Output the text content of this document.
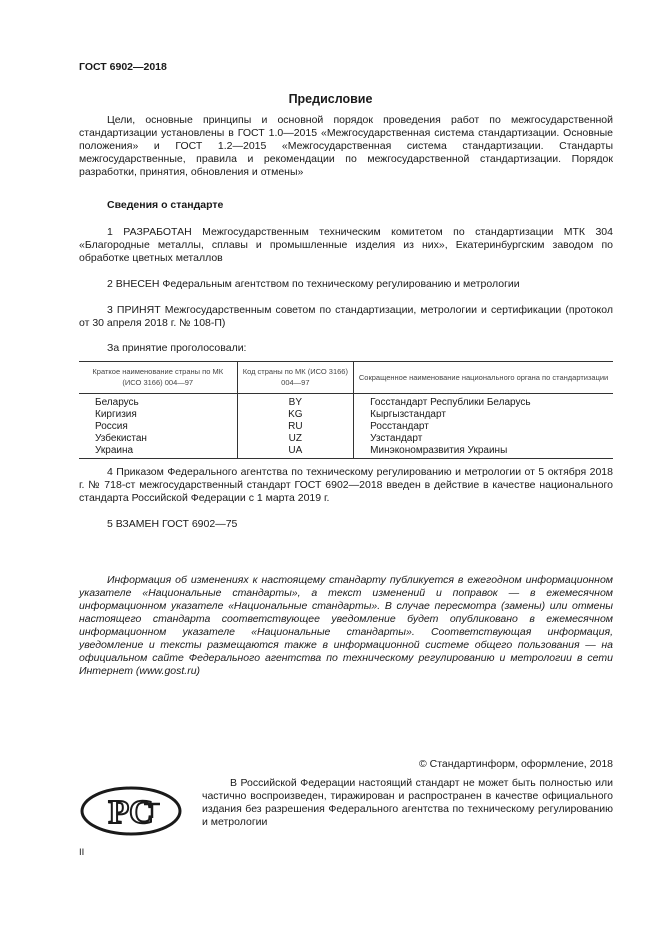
ГОСТ 6902—2018
Предисловие
Цели, основные принципы и основной порядок проведения работ по межгосударственной стандартизации установлены в ГОСТ 1.0—2015 «Межгосударственная система стандартизации. Основные положения» и ГОСТ 1.2—2015 «Межгосударственная система стандартизации. Стандарты межгосударственные, правила и рекомендации по межгосударственной стандартизации. Порядок разработки, принятия, обновления и отмены»
Сведения о стандарте
1 РАЗРАБОТАН Межгосударственным техническим комитетом по стандартизации МТК 304 «Благородные металлы, сплавы и промышленные изделия из них», Екатеринбургским заводом по обработке цветных металлов
2 ВНЕСЕН Федеральным агентством по техническому регулированию и метрологии
3 ПРИНЯТ Межгосударственным советом по стандартизации, метрологии и сертификации (протокол от 30 апреля 2018 г. № 108-П)
За принятие проголосовали:
Краткое наименование страны по МК (ИСО 3166) 004—97	Код страны по МК (ИСО 3166) 004—97	Сокращенное наименование национального органа по стандартизации
Беларусь	BY	Госстандарт Республики Беларусь
Киргизия	KG	Кыргызстандарт
Россия	RU	Росстандарт
Узбекистан	UZ	Узстандарт
Украина	UA	Минэкономразвития Украины
4 Приказом Федерального агентства по техническому регулированию и метрологии от 5 октября 2018 г. № 718-ст межгосударственный стандарт ГОСТ 6902—2018 введен в действие в качестве национального стандарта Российской Федерации с 1 марта 2019 г.
5 ВЗАМЕН ГОСТ 6902—75
Информация об изменениях к настоящему стандарту публикуется в ежегодном информационном указателе «Национальные стандарты», а текст изменений и поправок — в ежемесячном информационном указателе «Национальные стандарты». В случае пересмотра (замены) или отмены настоящего стандарта соответствующее уведомление будет опубликовано в ежемесячном информационном указателе «Национальные стандарты». Соответствующая информация, уведомление и тексты размещаются также в информационной системе общего пользования — на официальном сайте Федерального агентства по техническому регулированию и метрологии в сети Интернет (www.gost.ru)
© Стандартинформ, оформление, 2018
PC
В Российской Федерации настоящий стандарт не может быть полностью или частично воспроизведен, тиражирован и распространен в качестве официального издания без разрешения Федерального агентства по техническому регулированию и метрологии
II
